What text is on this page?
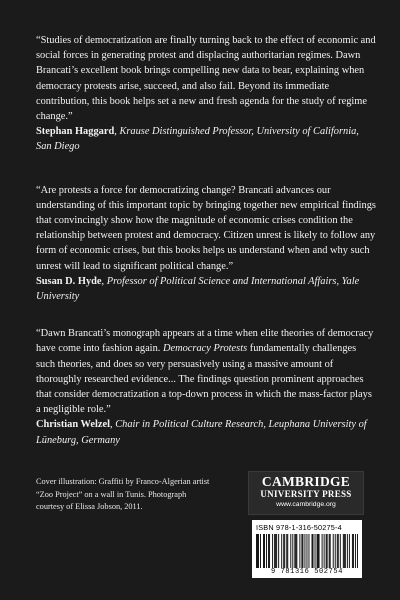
“Studies of democratization are finally turning back to the effect of economic and social forces in generating protest and displacing authoritarian regimes. Dawn Brancati’s excellent book brings compelling new data to bear, explaining when democracy protests arise, succeed, and also fail. Beyond its immediate contribution, this book helps set a new and fresh agenda for the study of regime change.”
Stephan Haggard, Krause Distinguished Professor, University of California, San Diego

“Are protests a force for democratizing change? Brancati advances our understanding of this important topic by bringing together new empirical findings that convincingly show how the magnitude of economic crises condition the relationship between protest and democracy. Citizen unrest is likely to follow any form of economic crises, but this books helps us understand when and why such unrest will lead to significant political change.”
Susan D. Hyde, Professor of Political Science and International Affairs, Yale University

“Dawn Brancati’s monograph appears at a time when elite theories of democracy have come into fashion again. Democracy Protests fundamentally challenges such theories, and does so very persuasively using a massive amount of thoroughly researched evidence... The findings question prominent approaches that consider democratization a top-down process in which the mass-factor plays a negligible role.”
Christian Welzel, Chair in Political Culture Research, Leuphana University of Lüneburg, Germany

Cover illustration: Graffiti by Franco-Algerian artist “Zoo Project” on a wall in Tunis. Photograph courtesy of Elissa Jobson, 2011.
CAMBRIDGE
UNIVERSITY PRESS
www.cambridge.org
ISBN 978-1-316-50275-4
9 781316 502754
